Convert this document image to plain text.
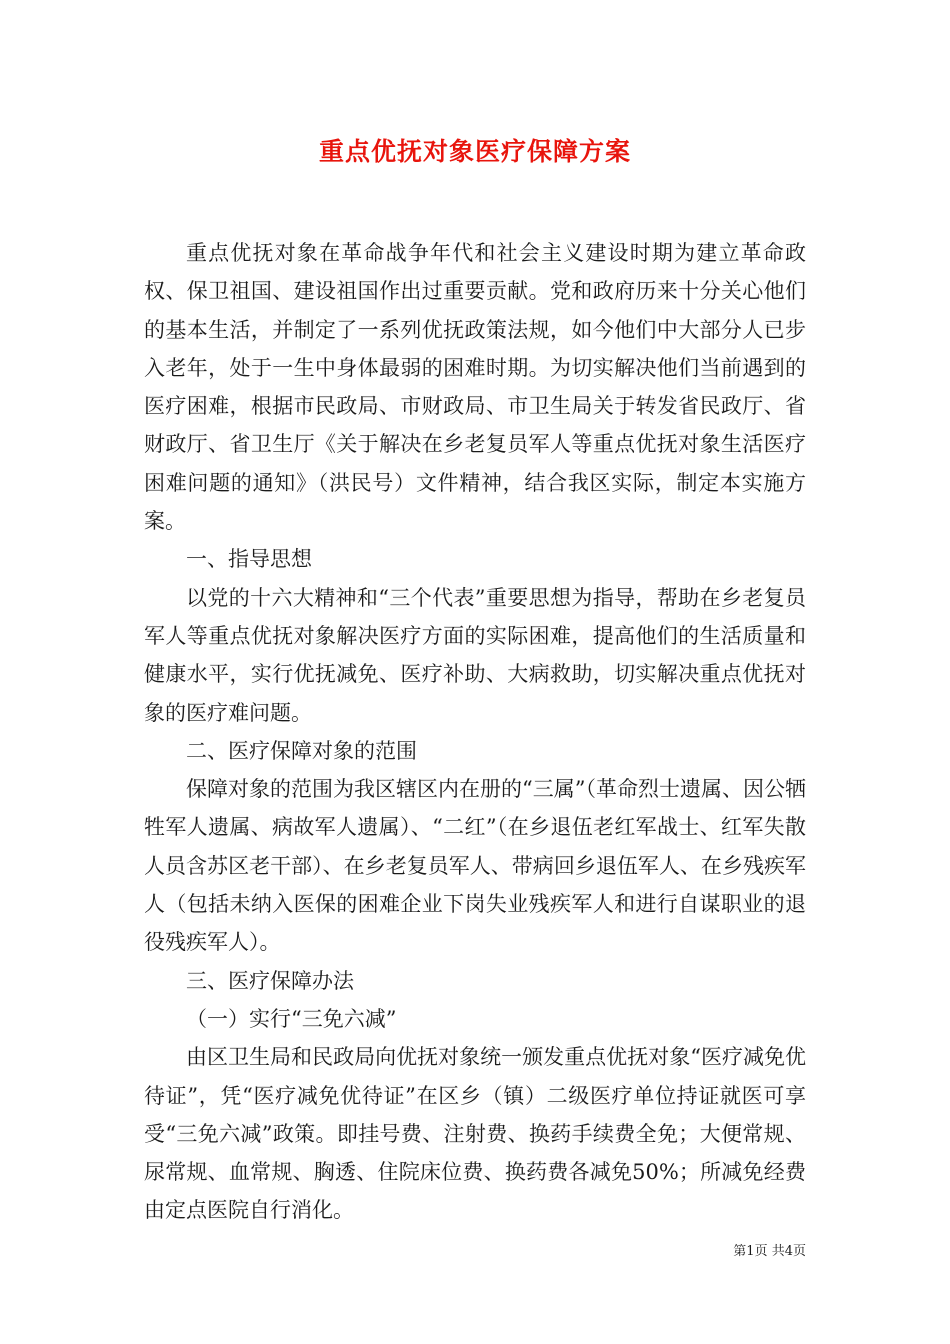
重点优抚对象医疗保障方案

重点优抚对象在革命战争年代和社会主义建设时期为建立革命政权、保卫祖国、建设祖国作出过重要贡献。党和政府历来十分关心他们的基本生活，并制定了一系列优抚政策法规，如今他们中大部分人已步入老年，处于一生中身体最弱的困难时期。为切实解决他们当前遇到的医疗困难，根据市民政局、市财政局、市卫生局关于转发省民政厅、省财政厅、省卫生厅《关于解决在乡老复员军人等重点优抚对象生活医疗困难问题的通知》（洪民号）文件精神，结合我区实际，制定本实施方案。

一、指导思想

以党的十六大精神和“三个代表”重要思想为指导，帮助在乡老复员军人等重点优抚对象解决医疗方面的实际困难，提高他们的生活质量和健康水平，实行优抚减免、医疗补助、大病救助，切实解决重点优抚对象的医疗难问题。

二、医疗保障对象的范围

保障对象的范围为我区辖区内在册的“三属”（革命烈士遗属、因公牺牲军人遗属、病故军人遗属）、“二红”（在乡退伍老红军战士、红军失散人员含苏区老干部）、在乡老复员军人、带病回乡退伍军人、在乡残疾军人（包括未纳入医保的困难企业下岗失业残疾军人和进行自谋职业的退役残疾军人）。

三、医疗保障办法

（一）实行“三免六减”

由区卫生局和民政局向优抚对象统一颁发重点优抚对象“医疗减免优待证”，凭“医疗减免优待证”在区乡（镇）二级医疗单位持证就医可享受“三免六减”政策。即挂号费、注射费、换药手续费全免；大便常规、尿常规、血常规、胸透、住院床位费、换药费各减免50%；所减免经费由定点医院自行消化。

第1页 共4页
